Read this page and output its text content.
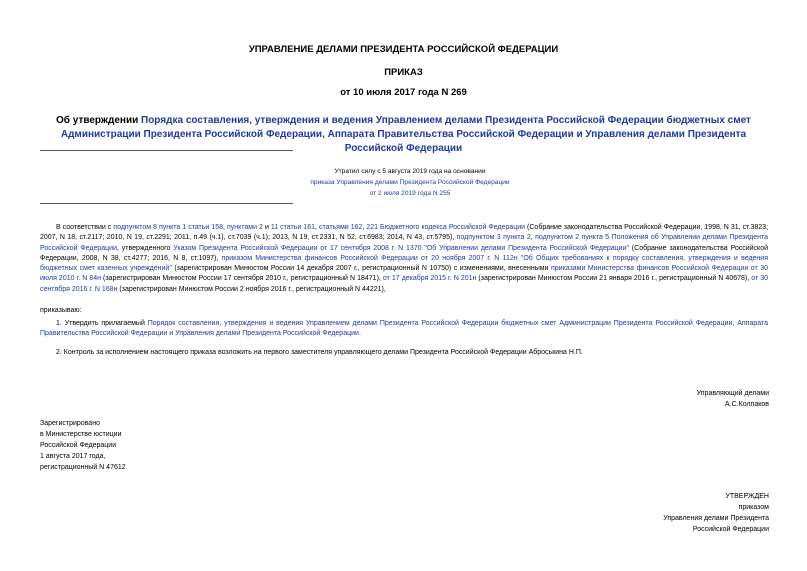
УПРАВЛЕНИЕ ДЕЛАМИ ПРЕЗИДЕНТА РОССИЙСКОЙ ФЕДЕРАЦИИ
ПРИКАЗ
от 10 июля 2017 года N 269
Об утверждении Порядка составления, утверждения и ведения Управлением делами Президента Российской Федерации бюджетных смет Администрации Президента Российской Федерации, Аппарата Правительства Российской Федерации и Управления делами Президента Российской Федерации
Утратил силу с 5 августа 2019 года на основании
приказа Управления делами Президента Российской Федерации
от 2 июля 2019 года N 255
В соответствии с подпунктом 8 пункта 1 статьи 158, пунктами 2 и 11 статьи 161, статьями 162, 221 Бюджетного кодекса Российской Федерации (Собрание законодательства Российской Федерации, 1998, N 31, ст.3823; 2007, N 18, ст.2117; 2010, N 19, ст.2291; 2011, п.49 (ч.1), ст.7039 (ч.1); 2013, N 19, ст.2331, N 52, ст.6983; 2014, N 43, ст.5795), подпунктом 3 пункта 2, подпунктом 2 пункта 5 Положения об Управлении делами Президента Российской Федерации, утвержденного Указом Президента Российской Федерации от 17 сентября 2008 г. N 1370 "Об Управлении делами Президента Российской Федерации" (Собрание законодательства Российской Федерации, 2008, N 38, ст.4277; 2016, N 8, ст.1097), приказом Министерства финансов Российской Федерации от 20 ноября 2007 г. N 112н "Об Общих требованиях к порядку составления, утверждения и ведения бюджетных смет казенных учреждений" (зарегистрирован Минюстом России 14 декабря 2007 г., регистрационный N 10750) с изменениями, внесенными приказами Министерства финансов Российской Федерации от 30 июля 2010 г. N 84н (зарегистрирован Минюстом России 17 сентября 2010 г., регистрационный N 18471), от 17 декабря 2015 г. N 201н (зарегистрирован Минюстом России 21 января 2016 г., регистрационный N 40678), от 30 сентября 2016 г. N 168н (зарегистрирован Минюстом России 2 ноября 2016 г., регистрационный N 44221),
приказываю:
1. Утвердить прилагаемый Порядок составления, утверждения и ведения Управлением делами Президента Российской Федерации бюджетных смет Администрации Президента Российской Федерации, Аппарата Правительства Российской Федерации и Управления делами Президента Российской Федерации.
2. Контроль за исполнением настоящего приказа возложить на первого заместителя управляющего делами Президента Российской Федерации Аброськина Н.П.
Управляющий делами
А.С.Колпаков
Зарегистрировано
в Министерстве юстиции
Российской Федерации
1 августа 2017 года,
регистрационный N 47612
УТВЕРЖДЕН
приказом
Управления делами Президента
Российской Федерации
